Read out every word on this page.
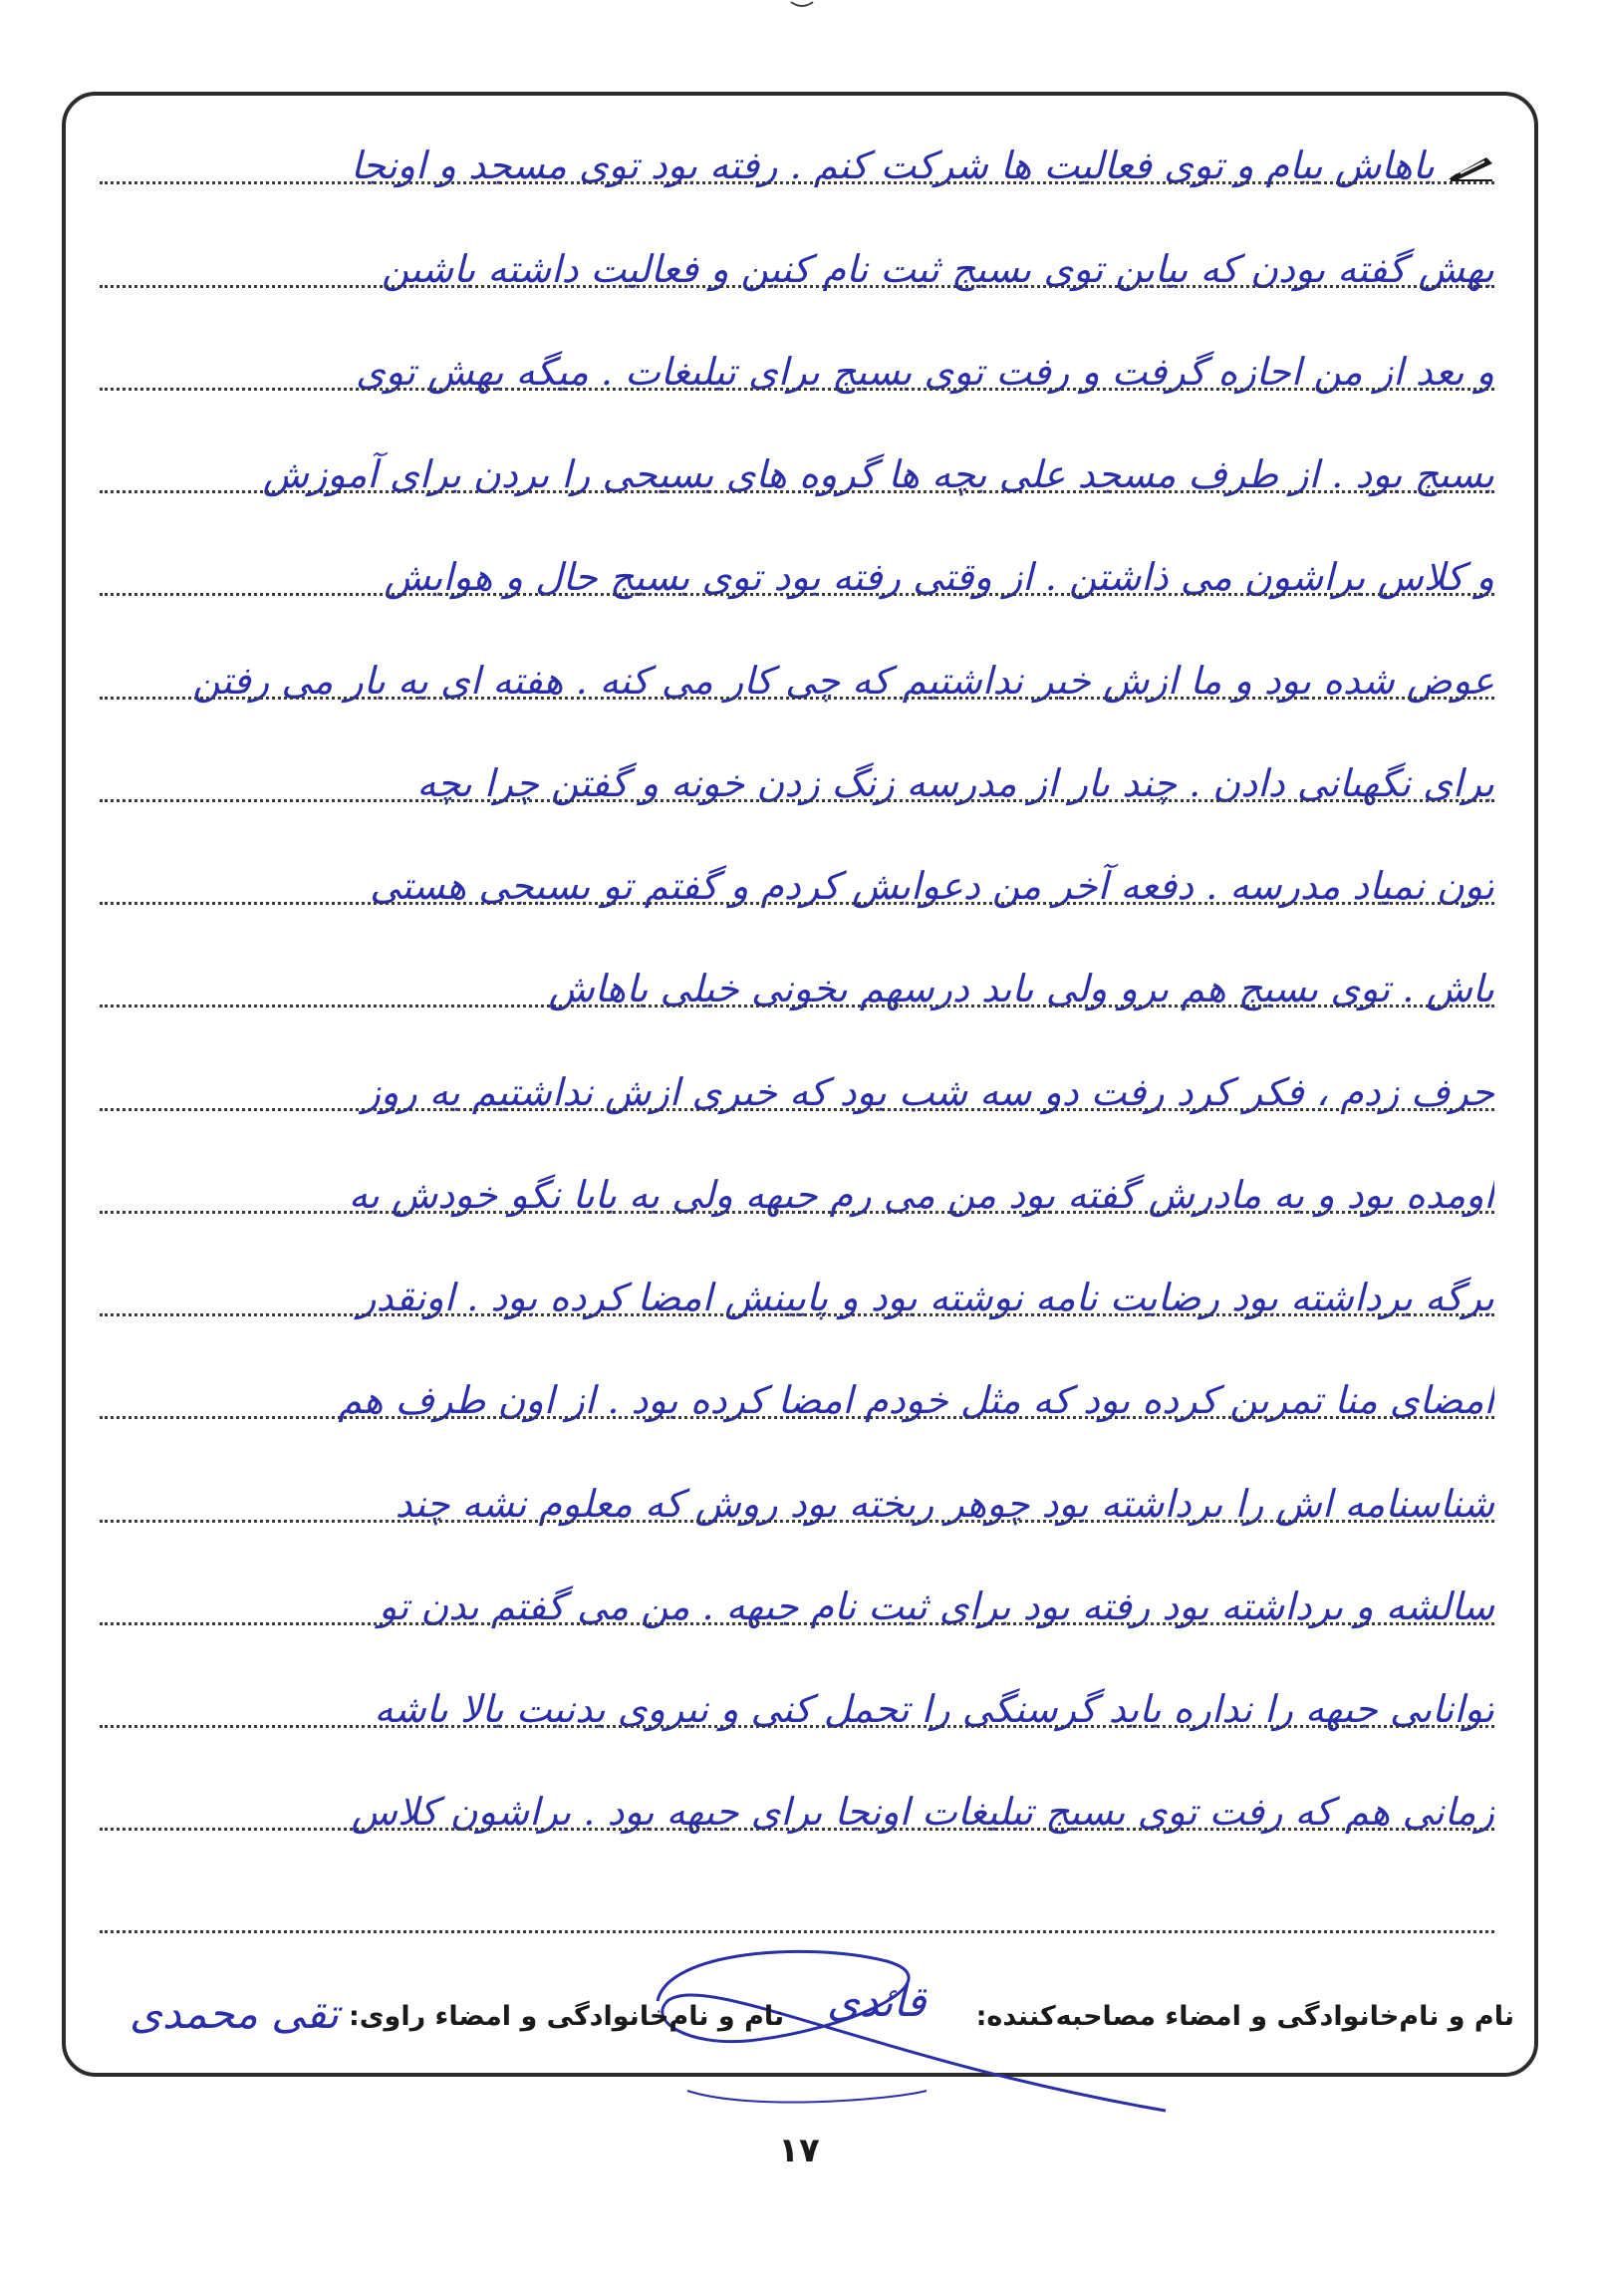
باهاش بیام و توی فعالیت ها شرکت کنم . رفته بود توی مسجد و اونجا
بهش گفته بودن که بیاین توی بسیج ثبت نام کنین و فعالیت داشته باشین
و بعد از من اجازه گرفت و رفت توی بسیج برای تبلیغات . میگه بهش توی
بسیج بود . از طرف مسجد علی بچه ها گروه های بسیجی را بردن برای آموزش
و کلاس براشون می ذاشتن . از وقتی رفته بود توی بسیج حال و هوایش
عوض شده بود و ما ازش خبر نداشتیم که چی کار می کنه . هفته ای یه بار می رفتن
برای نگهبانی دادن . چند بار از مدرسه زنگ زدن خونه و گفتن چرا بچه
تون نمیاد مدرسه . دفعه آخر من دعوایش کردم و گفتم تو بسیجی هستی
باش . توی بسیج هم برو ولی باید درسهم بخونی خیلی باهاش
حرف زدم ، فکر کرد رفت دو سه شب بود که خبری ازش نداشتیم یه روز
اومده بود و به مادرش گفته بود من می رم جبهه ولی به بابا نگو خودش یه
برگه برداشته بود رضایت نامه نوشته بود و پایینش امضا کرده بود . اونقدر
امضای منا تمرین کرده بود که مثل خودم امضا کرده بود . از اون طرف هم
شناسنامه اش را برداشته بود چوهر ریخته بود روش که معلوم نشه چند
سالشه و برداشته بود رفته بود برای ثبت نام جبهه . من می گفتم بدن تو
توانایی جبهه را نداره باید گرسنگی را تحمل کنی و نیروی بدنیت بالا باشه
زمانی هم که رفت توی بسیج تبلیغات اونجا برای جبهه بود . براشون کلاس
نام و نام‌خانوادگی و امضاء مصاحبه‌کننده:
قائدی
نام و نام‌خانوادگی و امضاء راوی:
تقی محمدی
۱۷
